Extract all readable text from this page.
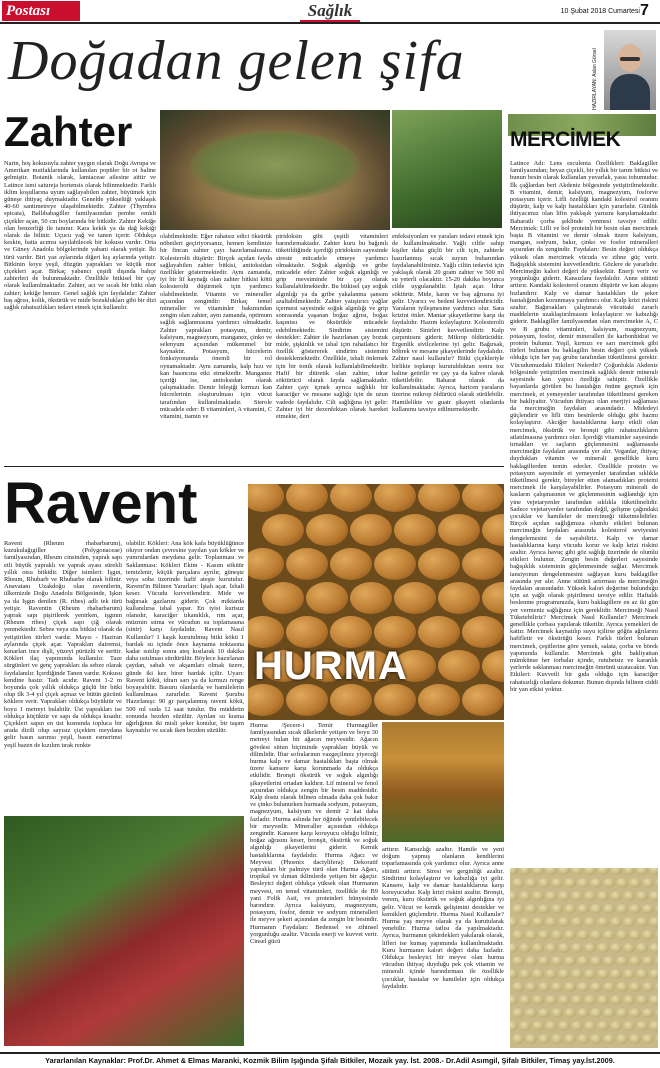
Postası	Sağlık	10 Şubat 2018 Cumartesi 7
Doğadan gelen şifa	HAZIRLAYAN: Aslan Görsel
Zahter
Narin, hoş kokusuyla zahter yaygın olarak Doğu Avrupa ve Amerikan mutfaklarında kullanılan popüler bir ot haline gelmiştir. Botanik olarak, lamiaceae ailesine aittir ve Latince ismi satureja hortensis olarak bilinmektedir. Farklı iklim koşullarına uyum sağlayabilen zahter, büyümek için güneşe ihtiyaç duymaktadır. Genelde yükseltiği yaklaşık 40-60 santimetreye ulaşabilmektedir. Zahter (Thymbra spicata), Ballıbabagiller familyasından pembe renkli çiçekler açan, 50 cm boylarında bir bitkidir. Zahter Kekiğe olan benzerliği ile tanınır. Kara kekik ya da dağ kekiği olarak da bilinir. Uçucu yağ ve tanen içerir. Oldukça keskin, batta acımsı sayılabilecek bir kokusu vardır. Orta ve Güney Anadolu bölgelerinde yabani olarak yetişir. İki türü vardır. Biri yaz aylarında diğeri kış aylarında yetişir. Bitkinin koyu yeşil, düzgün yaprakları ve küçük mor çiçekleri açar. Birkaç yabancı çeşidi dışında bahçe zahterleri de bulunmaktadır. Özellikle bitkisel bir çay olarak kullanılmaktadır. Zahter, acı ve sıcak bir bitki olan zahter; kekiğe benzer. Genel sağlık için faydalıdır: Zahter baş ağrısı, kolik, öksürük ve mide bozuklukları gibi bir dizi sağlık rahatsızlıkları tedavi etmek için kullanılır.
olabilmektedir. Eğer rahatsız edici öksürük nöbetleri geçiriyorsanız, hemen kendinize bir fincan zahter çayı hazırlamalısınız. Kolesterolü düşürür: Birçok açıdan fayda sağlayabilen zahter bitkisi, antioksidan özellikler göstermektedir. Aynı zamanda, iyi bir lif kaynağı olan zahter bitkisi kötü kolesterolü düşürmek için yardımcı olabilmektedir. Vitamin ve mineraller açısından zengindir: Birkaç temel mineraller ve vitaminler bakımından zengin olan zahter, aynı zamanda, optimum sağlık sağlanmasına yardımcı olmaktadır. Zahter yaprakları potasyum, demir, kalsiyum, magnezyum, manganez, çinko ve selenyum açısından mükemmel bir kaynaktır. Potasyum, hücrelerin fonksiyonunda önemli bir rol oynamaktadır. Aynı zamanda, kalp hızı ve kan basıncına etki etmektedir. Manganez içeriği ise, antioksidan olarak çalışmaktadır. Demir bileşiği kırmızı kan hücrelerinin oluşturulması için vücut tarafından kullanılmaktadır. Sterole mücadele eder: B vitaminleri, A vitamini, C vitamini, tiamin ve
piridoksin gibi çeşitli vitaminleri barındırmaktadır. Zahter kuru bu bağımlı tüketildiğinde içerdiği piridoksin sayesinde streste mücadele etmeye yardımcı olmaktadır. Soğuk algınlığı ve gribe mücadele eder: Zahter soğuk algınlığı ve grip mevsiminde bir çay olarak kullanılabilmektedir. Bu bitkisel çay soğuk algınlığı ya da gribe yakalanma şansını azaltabilmektedir. Zahter yatıştırıcı yağlar içermesi sayesinde soğuk algınlığı ve grip sonrasında yaşanan boğaz ağrısı, boğaz kaşıntısı ve öksürükle mücadele edebilmektedir. Sindirim sistemini destekler: Zahter ile hazırlanan çay bozuk mide, şişkinlik ve ishal için rahatlatıcı bir özellik göstererek sindirim sistemini desteklemektedir. Özellikle, ishali önlemek için bir tonik olarak kullanılabilmektedir. Hafif bir diüretik olan zahter, idrar söktürücü olarak fayda sağlamaktadır. Zahter çayı içmek ayrıca sağlıklı bir karaciğer ve mesane sağlığı için de uzun vadede faydalıdır. Cilt sağlığına iyi gelir: Zahter iyi bir dezenfektan olarak hareket etmekte, deri
enfeksiyonları ve yaraları tedavi etmek için de kullanılmaktadır. Yağlı ciltle sahip kişiler daha güçlü bir cilt için, zahterle hazırlanmış sıcak suyun buharından faydalanabilirsiniz. Yağlı ciltin tedavisi için yaklaşık olarak 20 gram zahter ve 500 ml su yeterli olacaktır. 15-20 dakika boyunca cilde uygulanabilir. İştah açar. İdrar söktürür. Mide, karın ve baş ağrısına iyi gelir. Uyarıcı ve bedeni kuvvetlendiricidir. Yaraların iyileşmesine yardımcı olur. Sara krizini önler. Mantar şikayetlerine karşı da faydalıdır. Hazım kolaylaştırır. Kolesterolü düşürür. Sinirleri kuvvetlendirir. Kalp çarpıntısını giderir. Mikrop öldürücüdür. Ergenlik sivilcelerine iyi gelir. Bağırsak, böbrek ve mesane şikayetlerinde faydalıdır. Zahter nasıl kullanılır? Bitki çiçekleriyle birlikte toplanıp kurutulduktan sonra toz haline getirilir ve çay ya da kahve olarak tüketilebilir. Baharat olarak da kullanılmaktadır. Ayrıca, haricen yaraların üzerine mikrop öldürücü olarak sürülebilir. Hamilelikte ve guatr şikayeti olanlarda kullanımı tavsiye edilmemektedir.
MERCİMEK
Latince Adı: Lens esculenta Özellikleri: Baklagiller familyasından; beyaz çiçekli, bir yıllık bir tarım bitkisi ve bunun besin olarak kullanılan yuvarlak, yassı tohumudur. İlk çağlardan beri Akdeniz bölgesinde yetiştirilmektedir. B vitamini, demir, kalsiyum, magnezyum, fosforve potasyum içerir. Lifli özelliği kandaki kolestrol oranını düşürür, kalp ve kalp hastalıkları için yararlıdır. Günlük ihtiyacımız olan lifin yaklaşık yarısını karşılamaktadır. Baharatlı çorba şeklinde yenmesi tavsiye edilir. Mercimek: Lifli ve bol proteinli bir besin olan mercimek başta B vitamini ve demir olmak üzere kalsiyum, mangan, sodyum, bakır, çinko ve fosfor mineralleri açısından da zengindir. Faydaları: Besin değeri oldukça yüksek olan mercimek vücuda ve zihne güç verir. Bağışıklık sistemini kuvvetlendirir. Gözlere de yararlıdır. Mercimeğin kalori değeri de yüksektir. Enerji verir ve yorgunluğu giderir. Kansızlara faydalıdır. Anne sütünü arttırır. Kandaki kolesterol oranını düşürür ve kan akışını hızlandırır. Kalp ve damar hastalıkları ile şeker hastalığından korunmaya yardımcı olur. Kalp krizi riskini azaltır. Bağırsakları çalıştırarak vücuttaki zararlı maddelerin uzaklaştırılmasını kolaylaştırır ve kabızlığı giderir. Baklagiller familyasından olan mercimekte A, C ve B grubu vitaminleri, kalsiyum, magnezyum, potasyum, fosfor, demir mineralleri ile karbonhidrat ve protein bulunur. Yeşil, kırmızı ve sarı mercimek gibi türleri bulunan bu baklagilin besin değeri çok yüksek olduğu için her yaş grubu tarafından tüketilmesi gerekir. Vücudumuzdaki Etkileri Nelerdir? Çoğunlukla Akdeniz bölgesinde yetiştirilen mercimek sağlıklı demir mineralı sayesinde kan yapıcı özelliğe sahiptir. Özellikle bayanlarda görülen bu hastalığın önüne geçmek için mercimek, et yemeyenler tarafından tüketilmesi gereken bir bakliyattır. Vücudun ihtiyacı olan enerjiyi sağlaması da mercimeğin faydaları arasındadır. Midedeyi güçlendirir ve lifli tüm besinlerde olduğu gibi hazmı kolaylaştırır. Akciğer hastalıklarına karşı etkili olan mercimek, öksürük ve bronşit gibi rahatsızlıkların atlatılmasına yardımcı olur. İçerdiği vitaminler sayesinde tırnakları ve saçların güçlenmesini sağlamasıda mercimeğin faydaları arasında yer alır. Veganlar, ihtiyaç duydukları vitamin ve minerali genellikle kuru baklagillerden temin ederler. Özellikle protein ve potasyum sayesinde et yemeyenler tarafından sıklıkla tüketilmesi gerekir, bireyler etten alamadıkları proteini mercimek ile karşılayabilirler. Potasyum minerali de kasların çalışmasının ve güçlenmesinin sağlandığı için yine vejetaryenler tarafından sıklıkla tüketilmelidir. Sadece vejetaryenler tarafından değil, gelişme çağındaki çocuklar ve hamileler de mercimeği tüketmelidirler. Birçok açıdan sağlığımıza olumlu etkileri bulunan mercimeğin faydaları arasında kolesterol seviyesini dengelemesini de sayabiliriz. Kalp ve damar hastalıklarına karşı vücudu korur ve kalp krizi riskini azaltır. Ayrıca havuç gibi göz sağlığı üzerinde de olumlu etkileri bulunur. Zengin besin değerleri sayesinde bağışıklık sisteminin güçlenmesinde sağlar. Mercimek tansiyonun dengelenmesini sağlayan kuru baklagiller arasında yer alır. Anne sütünü artırması da mercimeğin faydaları arasındadır. Yüksek kalori değerine bulunduğu için az yağlı olarak pişirilmesi tavsiye edilir. Haftalık beslenme programınızda, kuru baklagillere en az iki gün yer vermeniz sağlığınız için gereklidir. Mercimeği Nasıl Tüketebiliriz? Mercimek Nasıl Kullanılır? Mercimek genellikle çorbası yapılarak tüketilir. Ayrıca yemekleri de kattır. Mercimek kaynatılıp suyu içilirse göğüs ağrılarını hafifletir ve öksürüğü keser. Farklı türleri bulunan mercimek, çeşitlerine göre yemek, salata, çorba ve börek yapımında kullanılır. Mercimek gibi bakliyattan mümkünse her torbalar içinde, rutubetsiz ve karanlık yerlerde saklanması mercimeğin ömrünü uzatacaktır. Yan Etkileri: Kuvvetli bir gıda olduğu için karaciğer rahatsızlığı olanlara dokunur. Bunun dışında bilinen ciddi bir yan etkisi yoktur.
Ravent
Ravent (Rheum rhabarbarum), kuzukulağıgiller (Polygonaceae) familyasından, Rheum cinsinden, yaprak sapı etli büyük yapraklı ve yaprak ayası sürekli yıllık otsu bitkidir. Diğer isimleri: İşgın, Rheum, Rhubarb ve Rhubarbe olarak bilinir. Anavatanı Uzakdoğu olan raventlerin, ülkemizde Doğu Anadolu Bölgesinde, Işkın ya da Işgın denilen (R. ribes) adlı tek türü yetişir. Raventin (Rheum rhabarbarum) yaprak sapı pişirilerek yenirken, işgının (Rheum ribes) çiçek sapı çiğ olarak yenmektedir. Sebze veya süs bitkisi olarak da yetiştirilen türleri vardır. Mayıs - Haziran aylarında çiçek açar. Yaprakları dairemsi, kenarları ince dişli, yüzeyi pürüzlü ve serttir. Kökleri ilaç yapımında kullanılır. Taze sürgünleri ve genç yaprakları da sebze olarak faydalanılır. İçerdiğinde Tanen vardır. Kokusu kendine hastır. Tadı acıdır. Ravent 1-2 m boyunda çok yıllık oldukça güçlü bir bitki olup ilk 3-4 yıl çiçek açmaz ve bütün gücünü köklere verir. Yaprakları oldukça büyüktür ve boyu 1 metreyi bulabilir. Üst yaprakları ise oldukça küçüktür ve sapı da oldukça kısadır. Çiçekleri sapın en üst kısmında topluca bir arada dizili olup sayısız çiçekten meydana gelir basın sarımsı yeşil, basın esmerimsi yeşil bazen de kızılım tırak renkte
olabilir. Kökleri: Ana kök kafa büyüklüğünce oluyor ondan çevresine yayılan yan kökler ve yumrulardan meydana gelir. Toplanması ve Saklanması: Kökleri Ekim - Kasım söküür temizlenir, küçük parçalara ayrılır, güneşte veya soba üzerinde hafif ateşte kurutulur. Ravent'in Bilinen Yararları: İştah açar. İshali keser. Vücudu kuvvetlendirir. Mide ve bağırsak gazlarını giderir. Çok miktarda kullanılırsa ishal yapar. En iyisi kurtsuz olanıdır, karaciğer tıkanıklık, rım açar, müzmin sıtma ve vücudun su toplamasına (sinir) karşı faydalıdır. Ravent Nasıl Kullanılır? 1 kaşık kurutulmuş bitki kökü 1 bardak su içinde önce kaynama noktasına kadar ısıtılıp sonra ateş kısılarak 10 dakika daha ısıtılması sürdürülür. Böylece hazırlanan çaydan, sabah ve akşamları olmak üzere, günde iki kez birer bardak içilir. Uyarı: Ravent kökü, idrarı sarı ya da kırmızı renge boyayabilir. Basuru olanlarda ve hamilelerin kullanılması zararlıdır. Ravent Şurubu Hazırlanışı: 90 gr parçalanmış ravent kökü, 500 ml suda 12 saat tutulur. Bu müddetin sonunda bezden süzülür. Ayrılan su kısma ağırlığının iki misli şeker konulur, bir taşım kaynatılır ve sıcak iken bezden süzülür.
HURMA
Hurma /Şecere-i Temir Hurmagiller familyasından sıcak ülkelerde yetişen ve boyu 30 metreyi bulan bir ağacın meyvesidir. Ağacın gövdesi sütun biçiminde yaprakları büyük ve dilimlidir. İftar sofralarının vazgeçilmez yiyeceği hurma kalp ve damar hastalıkları başta olmak üzere kansere karşı korunmada da oldukça etkilidir. Bronşit öksürük ve soğuk algınlığı şikayetlerini ortadan kaldırır. Lif mineral ve fenol açısından oldukça zengin bir besin maddesidir. Kalp dostu olarak bilinen olmada daha çok bakır ve çinko bulunurken hurmada sodyum, potasyum, magnezyum, kalsiyum ve demir 2 kat daha fazladır. Hurma aslında her öğünde yenilebilecek bir meyvedir. Mineraller açısından oldukça zengindir. Kansere karşı koruyucu olduğu bilinir, boğaz ağrısını keser, bronşit, öksürük ve soğuk algınlığı şikayetlerini giderir. Kemik hastalıklarına faydalıdır. Hurma Ağacı ve Meyvesi (Phoenix dactylifera): Dekoratif yaprakları bir palmiye türü olan Hurma Ağacı, tropikal ve ılıman iklimlerde yetişen bir ağaçtır. Besleyici değeri oldukça yüksek olan Hurmanın meyvesi, en temel vitaminleri, özellikle de B9 yani Folik Asit, ve proteinleri bünyesinde barındırır. Ayrıca kalsiyum, magnezyum, potasyum, fosfor, demir ve sodyum mineralleri ile meyve şekeri açısından da zengin bir besindir. Hurmanın Faydaları: Bedensel ve zihinsel yorgunluğu azaltır. Vücuda enerji ve kuvvet verir. Cinsel gücü
arttırır. Kansızlığı azaltır. Hamile ve yeni doğum yapmış olanların kendilerini toparlamasında çok yardımcı olur. Ayrıca anne sütünü arttırır. Stresi ve gerginliği azaltır. Sindirimi kolaylaştırır ve kabızlığa iyi gelir. Kansere, kalp ve damar hastalıklarına karşı koruyucudur. Kalp krizi riskini azaltır. Bronşit, verem, kuru öksürük ve soğuk algınlığına iyi gelir. Vücut ve kemik gelişimini destekler ve kemikleri güçlendirir. Hurma Nasıl Kullanılır? Hurma yaş meyve olarak ya da kurutularak yenebilir. Hurma tatlısı da yapılmaktadır. Ayrıca, hurmanın çekirdekleri yakılarak olarak, lifleri ise kumaş yapımında kullanılmaktadır. Kuru hurmanın kalori değeri daha fazladır. Oldukça besleyici bir meyve olan hurma vücudun ihtiyaç duyduğu pek çok vitamin ve minerali içinde barındırması ile özellikle çocuklar, hastalar ve hamileler için oldukça faydalıdır.
Yararlanılan Kaynaklar: Prof.Dr. Ahmet & Elmas Maranki, Kozmik Bilim Işığında Şifalı Bitkiler, Mozaik yay. İst. 2008.- Dr.Adil Asımgil, Şifalı Bitkiler, Timaş yay.İst.2009.
